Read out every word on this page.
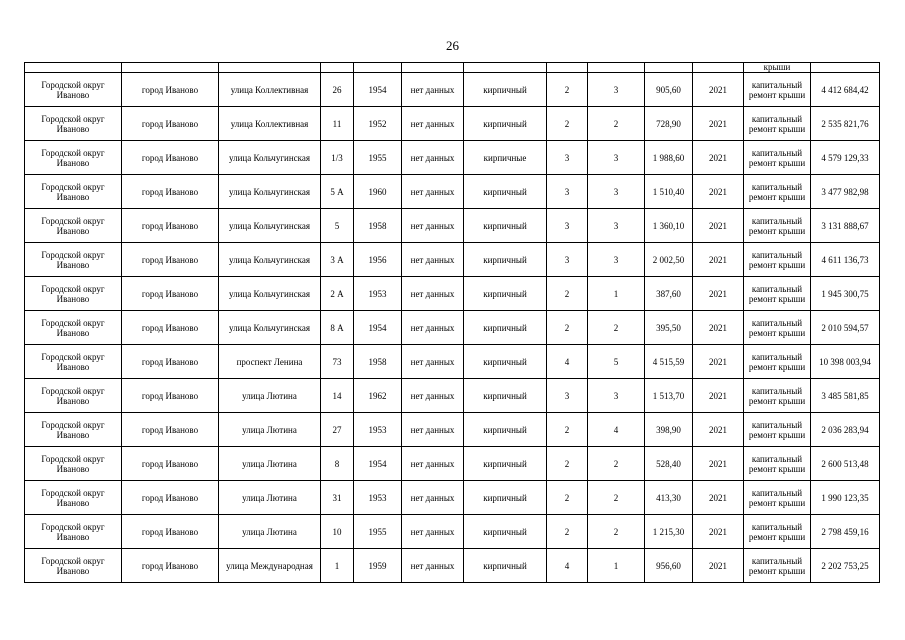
26
											крыши	
Городской округ Иваново	город Иваново	улица Коллективная	26	1954	нет данных	кирпичный	2	3	905,60	2021	капитальный ремонт крыши	4 412 684,42
Городской округ Иваново	город Иваново	улица Коллективная	11	1952	нет данных	кирпичный	2	2	728,90	2021	капитальный ремонт крыши	2 535 821,76
Городской округ Иваново	город Иваново	улица Кольчугинская	1/3	1955	нет данных	кирпичные	3	3	1 988,60	2021	капитальный ремонт крыши	4 579 129,33
Городской округ Иваново	город Иваново	улица Кольчугинская	5 А	1960	нет данных	кирпичный	3	3	1 510,40	2021	капитальный ремонт крыши	3 477 982,98
Городской округ Иваново	город Иваново	улица Кольчугинская	5	1958	нет данных	кирпичный	3	3	1 360,10	2021	капитальный ремонт крыши	3 131 888,67
Городской округ Иваново	город Иваново	улица Кольчугинская	3 А	1956	нет данных	кирпичный	3	3	2 002,50	2021	капитальный ремонт крыши	4 611 136,73
Городской округ Иваново	город Иваново	улица Кольчугинская	2 А	1953	нет данных	кирпичный	2	1	387,60	2021	капитальный ремонт крыши	1 945 300,75
Городской округ Иваново	город Иваново	улица Кольчугинская	8 А	1954	нет данных	кирпичный	2	2	395,50	2021	капитальный ремонт крыши	2 010 594,57
Городской округ Иваново	город Иваново	проспект Ленина	73	1958	нет данных	кирпичный	4	5	4 515,59	2021	капитальный ремонт крыши	10 398 003,94
Городской округ Иваново	город Иваново	улица Лютина	14	1962	нет данных	кирпичный	3	3	1 513,70	2021	капитальный ремонт крыши	3 485 581,85
Городской округ Иваново	город Иваново	улица Лютина	27	1953	нет данных	кирпичный	2	4	398,90	2021	капитальный ремонт крыши	2 036 283,94
Городской округ Иваново	город Иваново	улица Лютина	8	1954	нет данных	кирпичный	2	2	528,40	2021	капитальный ремонт крыши	2 600 513,48
Городской округ Иваново	город Иваново	улица Лютина	31	1953	нет данных	кирпичный	2	2	413,30	2021	капитальный ремонт крыши	1 990 123,35
Городской округ Иваново	город Иваново	улица Лютина	10	1955	нет данных	кирпичный	2	2	1 215,30	2021	капитальный ремонт крыши	2 798 459,16
Городской округ Иваново	город Иваново	улица Международная	1	1959	нет данных	кирпичный	4	1	956,60	2021	капитальный ремонт крыши	2 202 753,25
